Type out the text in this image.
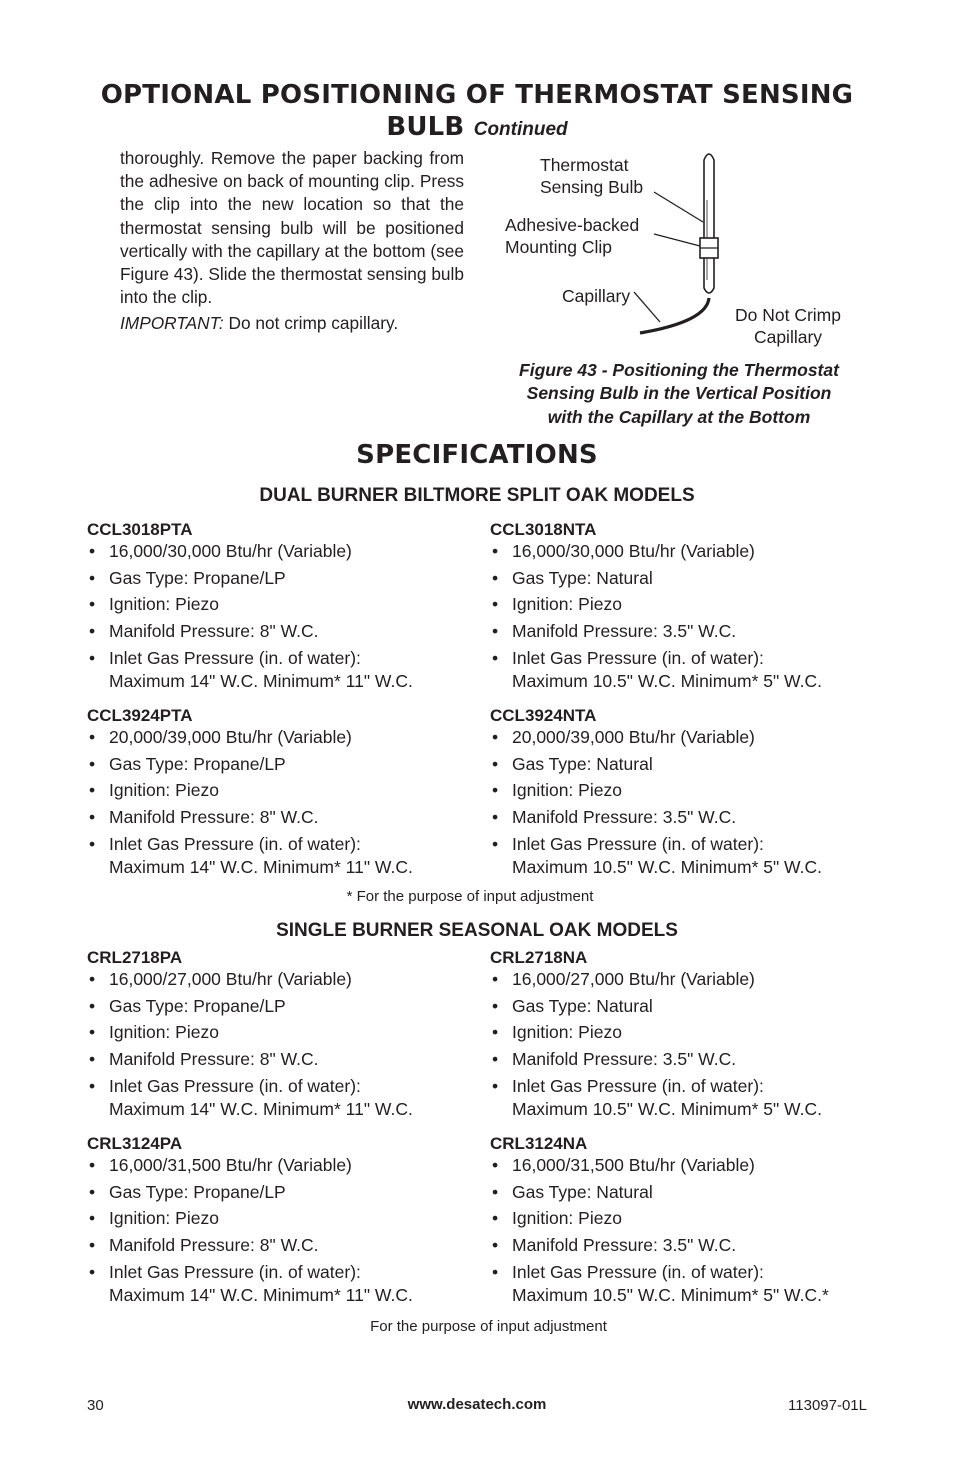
OPTIONAL POSITIONING OF THERMOSTAT SENSING
BULB Continued
thoroughly. Remove the paper backing from the adhesive on back of mounting clip. Press the clip into the new location so that the thermostat sensing bulb will be positioned vertically with the capillary at the bottom (see Figure 43). Slide the thermostat sensing bulb into the clip.
IMPORTANT: Do not crimp capillary.
Thermostat
Sensing Bulb
Adhesive-backed
Mounting Clip
Capillary
Do Not Crimp
Capillary
Figure 43 - Positioning the Thermostat
Sensing Bulb in the Vertical Position
with the Capillary at the Bottom
SPECIFICATIONS
DUAL BURNER BILTMORE SPLIT OAK MODELS
CCL3018PTA
• 16,000/30,000 Btu/hr (Variable)
• Gas Type: Propane/LP
• Ignition: Piezo
• Manifold Pressure: 8" W.C.
• Inlet Gas Pressure (in. of water):
Maximum 14" W.C. Minimum* 11" W.C.
CCL3018NTA
• 16,000/30,000 Btu/hr (Variable)
• Gas Type: Natural
• Ignition: Piezo
• Manifold Pressure: 3.5" W.C.
• Inlet Gas Pressure (in. of water):
Maximum 10.5" W.C. Minimum* 5" W.C.
CCL3924PTA
• 20,000/39,000 Btu/hr (Variable)
• Gas Type: Propane/LP
• Ignition: Piezo
• Manifold Pressure: 8" W.C.
• Inlet Gas Pressure (in. of water):
Maximum 14" W.C. Minimum* 11" W.C.
CCL3924NTA
• 20,000/39,000 Btu/hr (Variable)
• Gas Type: Natural
• Ignition: Piezo
• Manifold Pressure: 3.5" W.C.
• Inlet Gas Pressure (in. of water):
Maximum 10.5" W.C. Minimum* 5" W.C.
* For the purpose of input adjustment
SINGLE BURNER SEASONAL OAK MODELS
CRL2718PA
• 16,000/27,000 Btu/hr (Variable)
• Gas Type: Propane/LP
• Ignition: Piezo
• Manifold Pressure: 8" W.C.
• Inlet Gas Pressure (in. of water):
Maximum 14" W.C. Minimum* 11" W.C.
CRL2718NA
• 16,000/27,000 Btu/hr (Variable)
• Gas Type: Natural
• Ignition: Piezo
• Manifold Pressure: 3.5" W.C.
• Inlet Gas Pressure (in. of water):
Maximum 10.5" W.C. Minimum* 5" W.C.
CRL3124PA
• 16,000/31,500 Btu/hr (Variable)
• Gas Type: Propane/LP
• Ignition: Piezo
• Manifold Pressure: 8" W.C.
• Inlet Gas Pressure (in. of water):
Maximum 14" W.C. Minimum* 11" W.C.
CRL3124NA
• 16,000/31,500 Btu/hr (Variable)
• Gas Type: Natural
• Ignition: Piezo
• Manifold Pressure: 3.5" W.C.
• Inlet Gas Pressure (in. of water):
Maximum 10.5" W.C. Minimum* 5" W.C.*
For the purpose of input adjustment
30	www.desatech.com	113097-01L
